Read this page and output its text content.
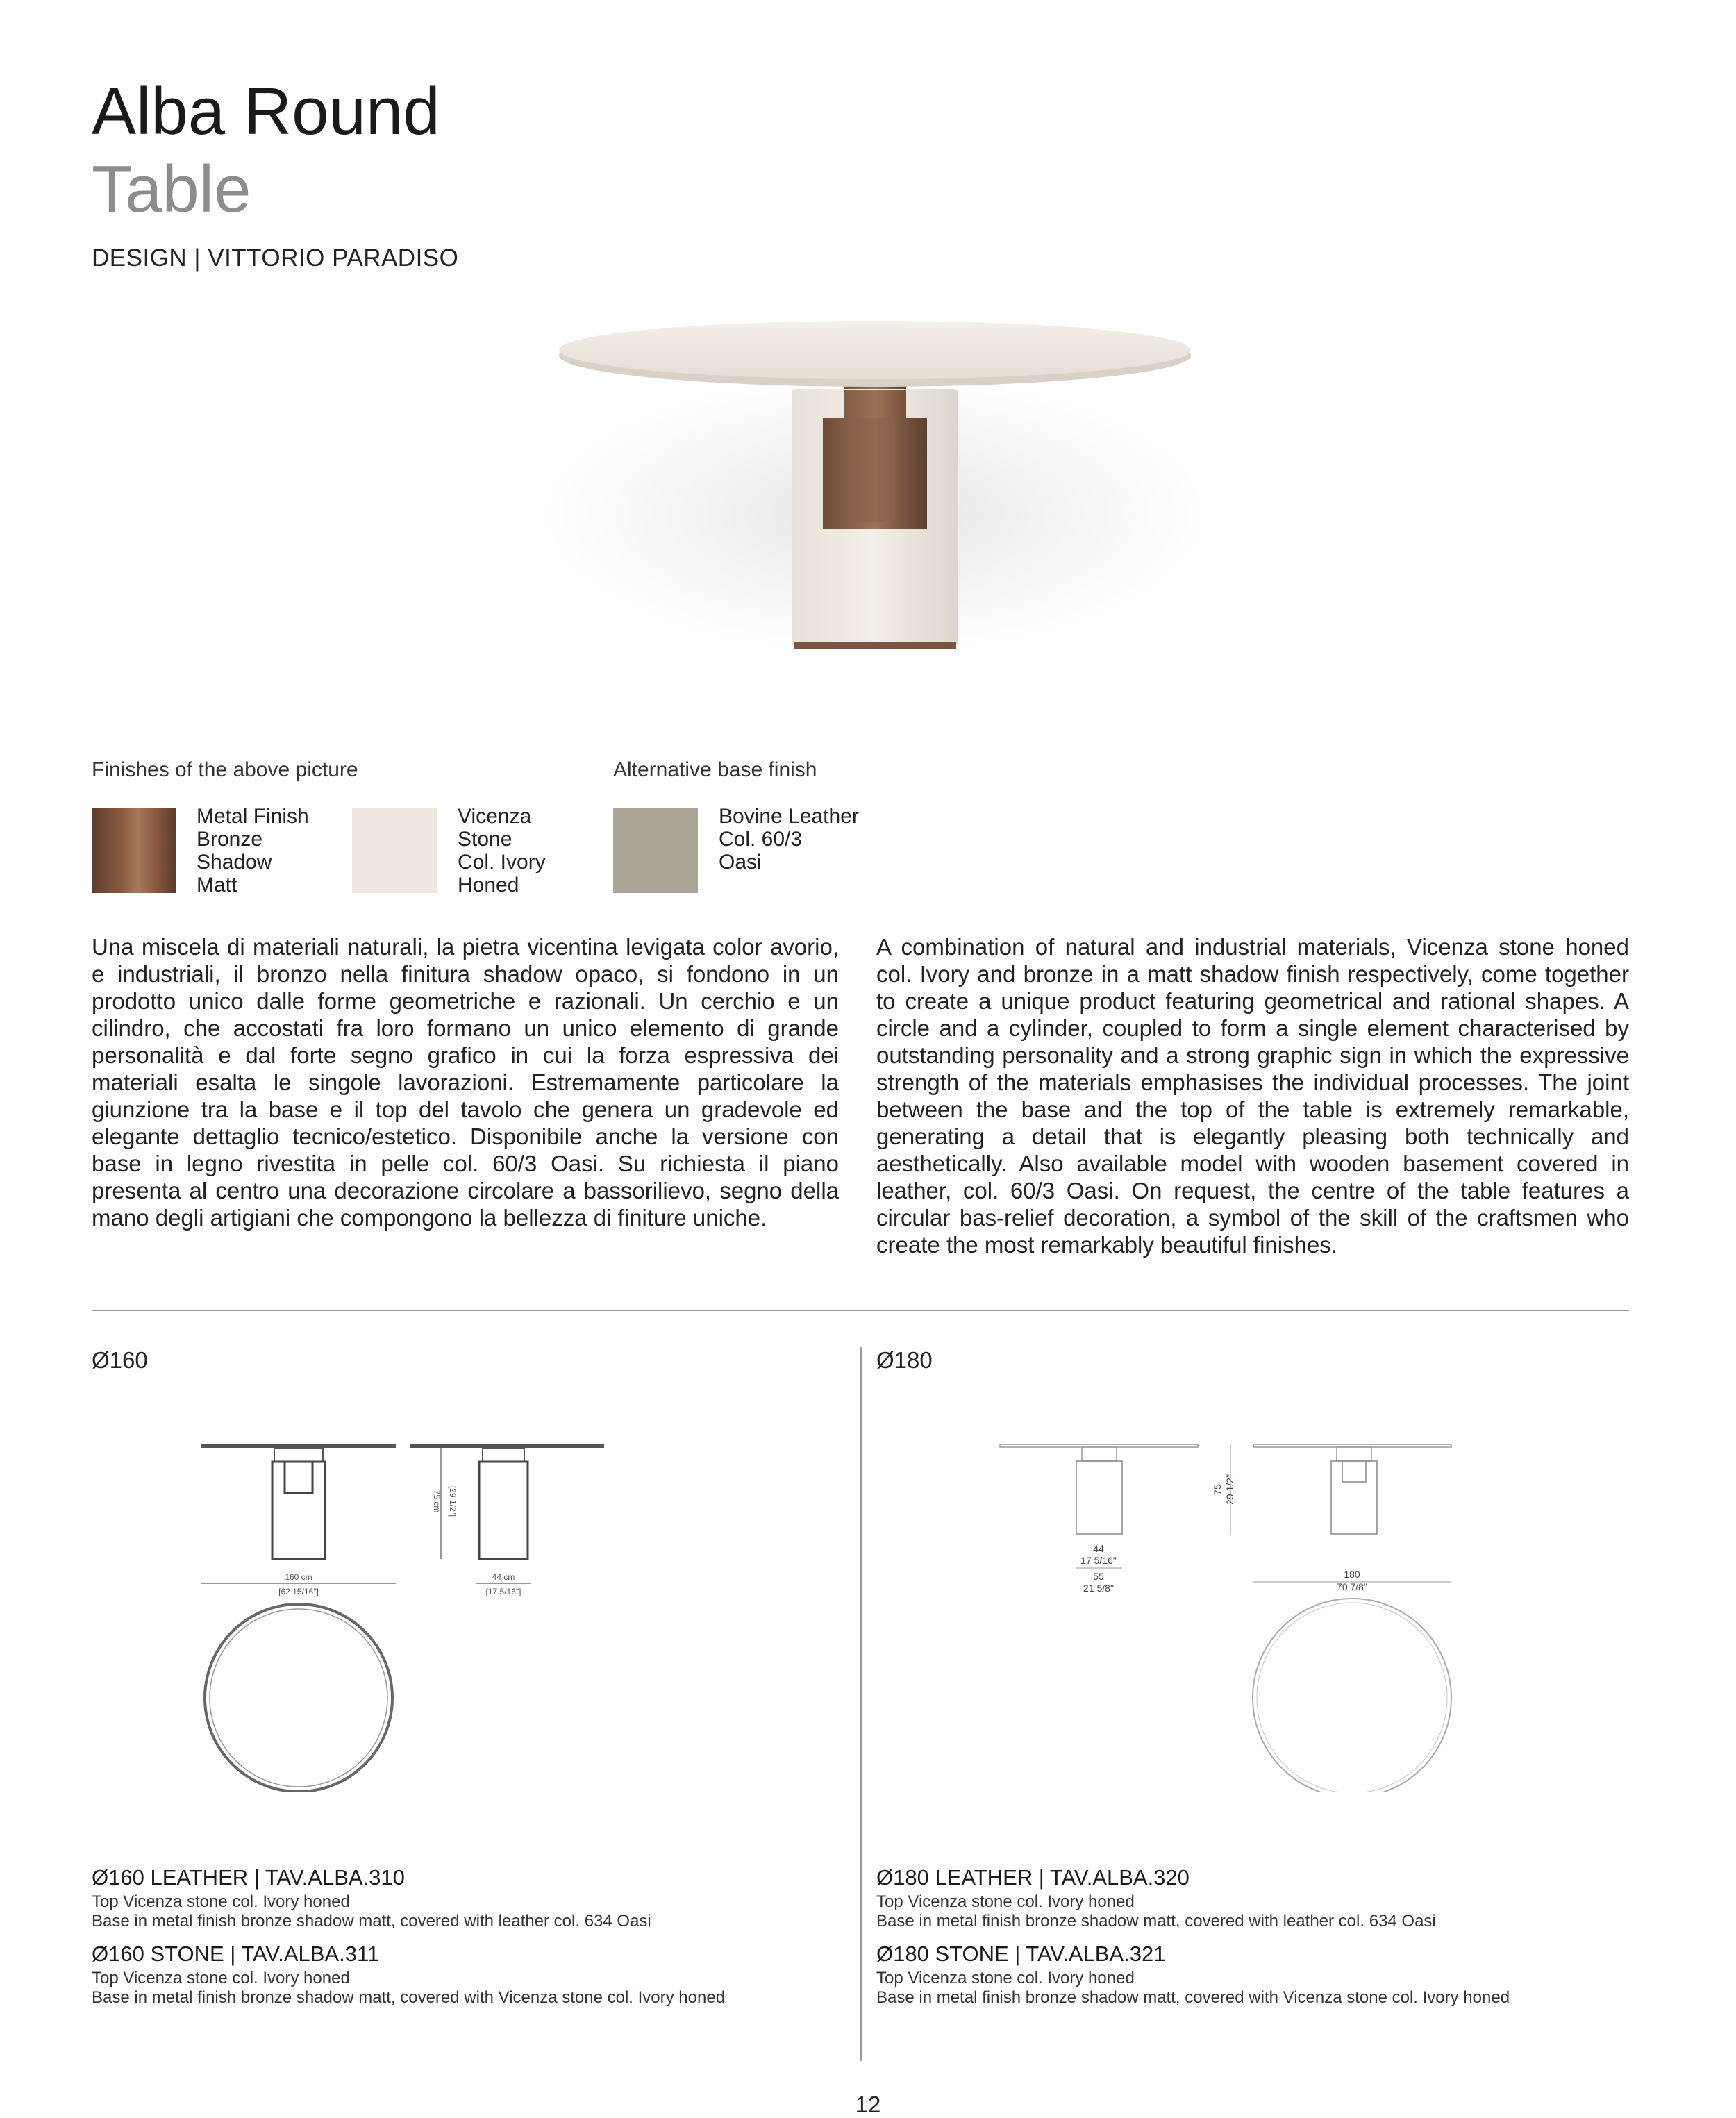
Alba Round
Table
DESIGN | VITTORIO PARADISO
Finishes of the above picture	Alternative base finish
Metal Finish
Bronze
Shadow
Matt
Vicenza
Stone
Col. Ivory
Honed
Bovine Leather
Col. 60/3
Oasi
Una miscela di materiali naturali, la pietra vicentina levigata color avorio, e industriali, il bronzo nella finitura shadow opaco, si fondono in un prodotto unico dalle forme geometriche e razionali. Un cerchio e un cilindro, che accostati fra loro formano un unico elemento di grande personalità e dal forte segno grafico in cui la forza espressiva dei materiali esalta le singole lavorazioni. Estremamente particolare la giunzione tra la base e il top del tavolo che genera un gradevole ed elegante dettaglio tecnico/estetico. Disponibile anche la versione con base in legno rivestita in pelle col. 60/3 Oasi. Su richiesta il piano presenta al centro una decorazione circolare a bassorilievo, segno della mano degli artigiani che compongono la bellezza di finiture uniche.
A combination of natural and industrial materials, Vicenza stone honed col. Ivory and bronze in a matt shadow finish respectively, come together to create a unique product featuring geometrical and rational shapes. A circle and a cylinder, coupled to form a single element characterised by outstanding personality and a strong graphic sign in which the expressive strength of the materials emphasises the individual processes. The joint between the base and the top of the table is extremely remarkable, generating a detail that is elegantly pleasing both technically and aesthetically. Also available model with wooden basement covered in leather, col. 60/3 Oasi. On request, the centre of the table features a circular bas-relief decoration, a symbol of the skill of the craftsmen who create the most remarkably beautiful finishes.
Ø160
75 cm [29 1/2"]
160 cm
[62 15/16"]
44 cm
[17 5/16"]
Ø160 LEATHER | TAV.ALBA.310
Top Vicenza stone col. Ivory honed
Base in metal finish bronze shadow matt, covered with leather col. 634 Oasi
Ø160 STONE | TAV.ALBA.311
Top Vicenza stone col. Ivory honed
Base in metal finish bronze shadow matt, covered with Vicenza stone col. Ivory honed
Ø180
44
17 5/16"
55
21 5/8"
75 29 1/2"
180
70 7/8"
Ø180 LEATHER | TAV.ALBA.320
Top Vicenza stone col. Ivory honed
Base in metal finish bronze shadow matt, covered with leather col. 634 Oasi
Ø180 STONE | TAV.ALBA.321
Top Vicenza stone col. Ivory honed
Base in metal finish bronze shadow matt, covered with Vicenza stone col. Ivory honed
12
